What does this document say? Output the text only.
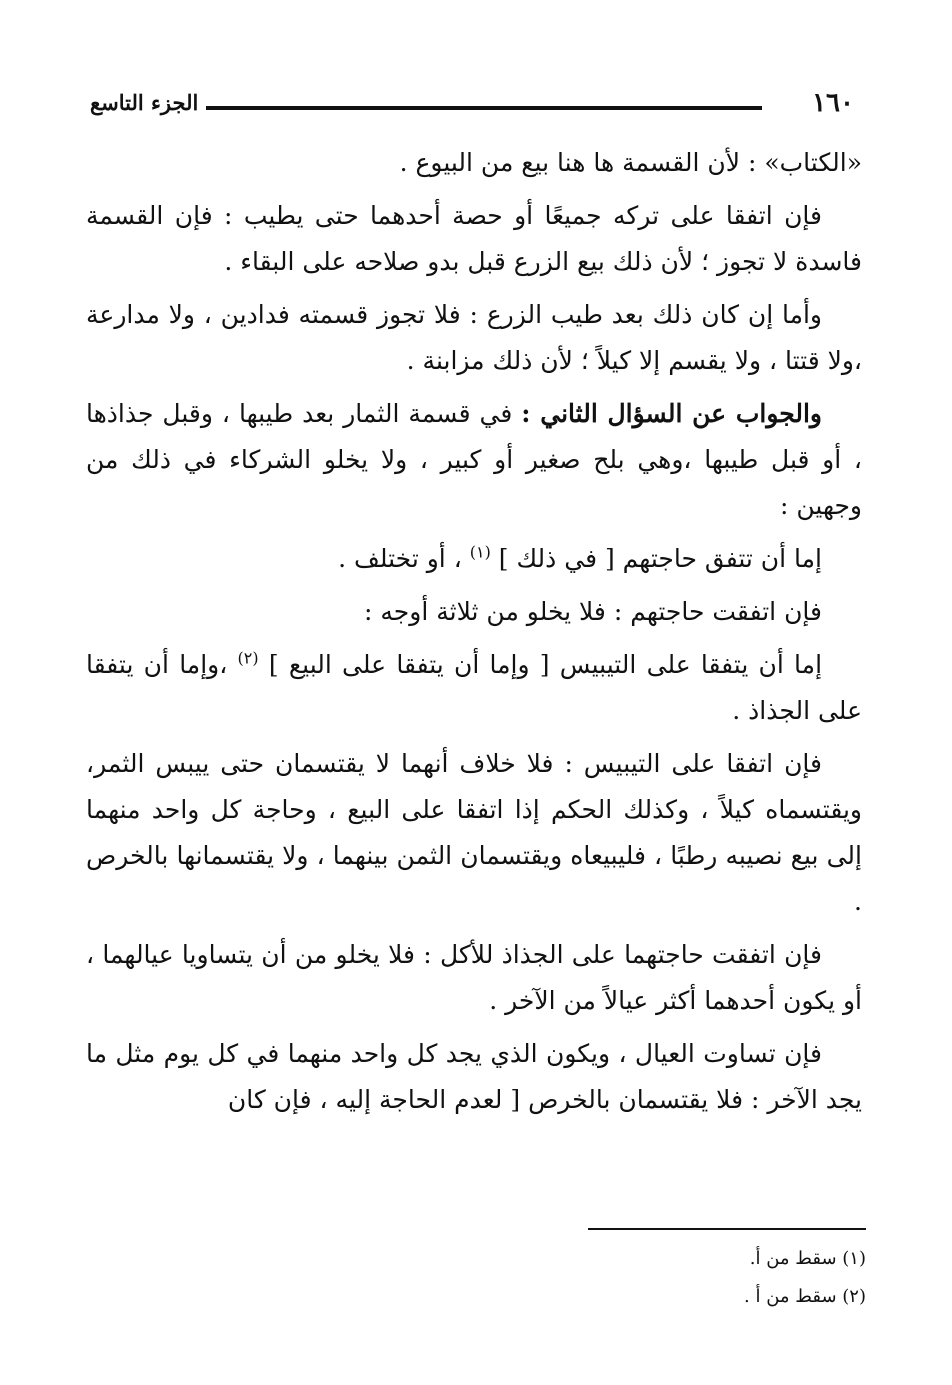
١٦٠
الجزء التاسع

«الكتاب» : لأن القسمة ها هنا بيع من البيوع .

فإن اتفقا على تركه جميعًا أو حصة أحدهما حتى يطيب : فإن القسمة فاسدة لا تجوز ؛ لأن ذلك بيع الزرع قبل بدو صلاحه على البقاء .

وأما إن كان ذلك بعد طيب الزرع : فلا تجوز قسمته فدادين ، ولا مدارعة ،ولا قتتا ، ولا يقسم إلا كيلاً ؛ لأن ذلك مزابنة .

والجواب عن السؤال الثاني : في قسمة الثمار بعد طيبها ، وقبل جذاذها ، أو قبل طيبها ،وهي بلح صغير أو كبير ، ولا يخلو الشركاء في ذلك من وجهين :

إما أن تتفق حاجتهم [ في ذلك ] $^{(١)}$ ، أو تختلف .

فإن اتفقت حاجتهم : فلا يخلو من ثلاثة أوجه :

إما أن يتفقا على التيبيس [ وإما أن يتفقا على البيع ] $^{(٢)}$ ،وإما أن يتفقا على الجذاذ .

فإن اتفقا على التيبيس : فلا خلاف أنهما لا يقتسمان حتى ييبس الثمر، ويقتسماه كيلاً ، وكذلك الحكم إذا اتفقا على البيع ، وحاجة كل واحد منهما إلى بيع نصيبه رطبًا ، فليبيعاه ويقتسمان الثمن بينهما ، ولا يقتسمانها بالخرص .

فإن اتفقت حاجتهما على الجذاذ للأكل : فلا يخلو من أن يتساويا عيالهما ، أو يكون أحدهما أكثر عيالاً من الآخر .

فإن تساوت العيال ، ويكون الذي يجد كل واحد منهما في كل يوم مثل ما يجد الآخر : فلا يقتسمان بالخرص [ لعدم الحاجة إليه ، فإن كان

(١) سقط من أ.
(٢) سقط من أ .
